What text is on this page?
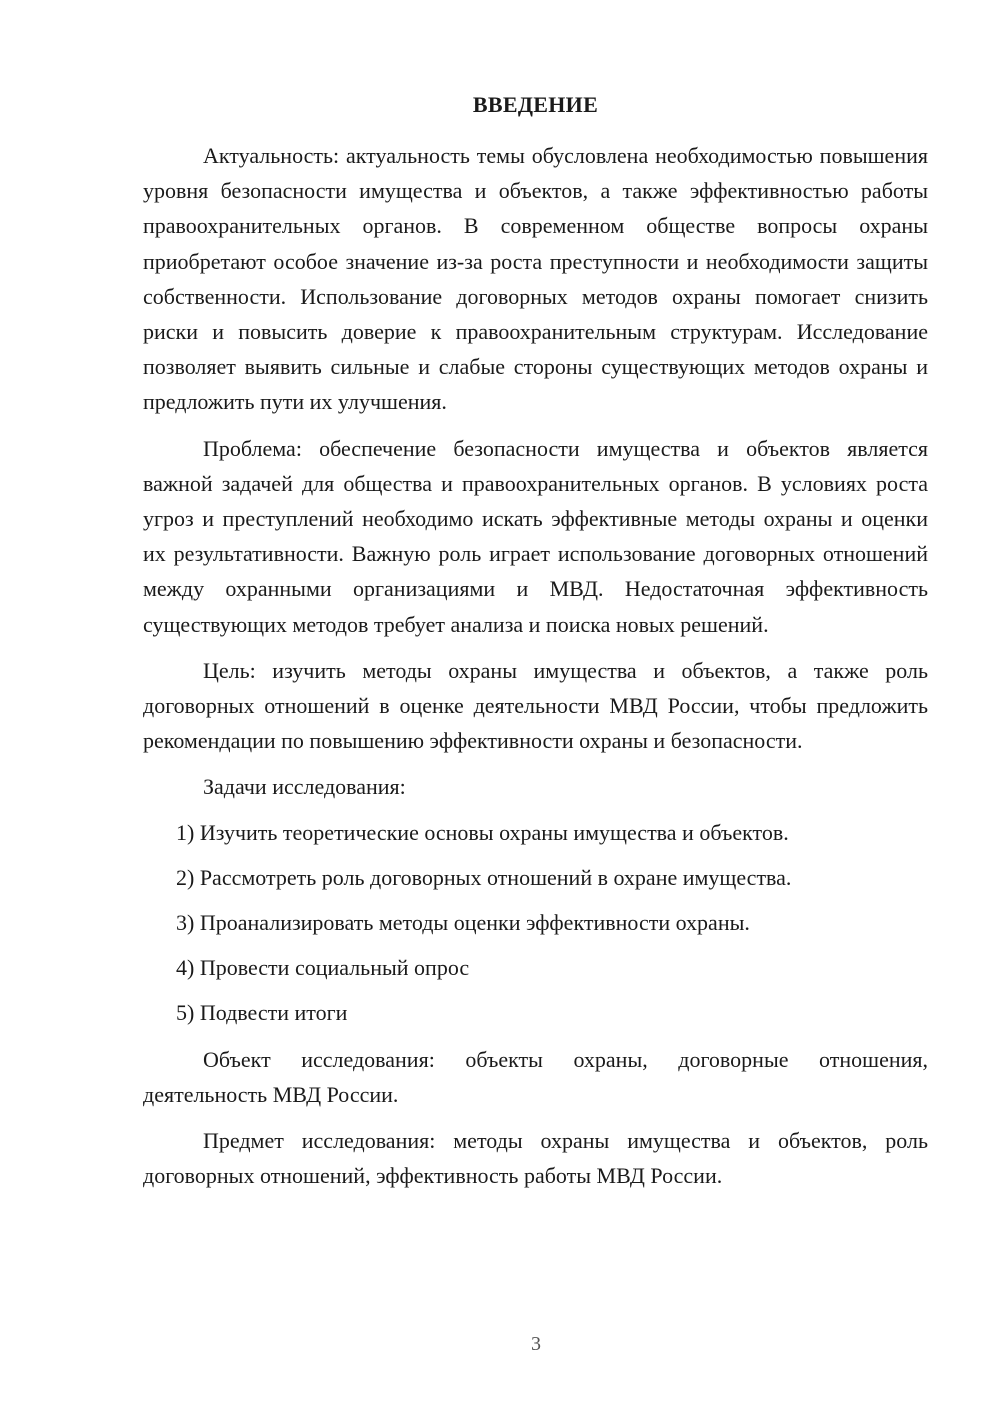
ВВЕДЕНИЕ

Актуальность: актуальность темы обусловлена необходимостью повышения уровня безопасности имущества и объектов, а также эффективностью работы правоохранительных органов. В современном обществе вопросы охраны приобретают особое значение из-за роста преступности и необходимости защиты собственности. Использование договорных методов охраны помогает снизить риски и повысить доверие к правоохранительным структурам. Исследование позволяет выявить сильные и слабые стороны существующих методов охраны и предложить пути их улучшения.

Проблема: обеспечение безопасности имущества и объектов является важной задачей для общества и правоохранительных органов. В условиях роста угроз и преступлений необходимо искать эффективные методы охраны и оценки их результативности. Важную роль играет использование договорных отношений между охранными организациями и МВД. Недостаточная эффективность существующих методов требует анализа и поиска новых решений.

Цель: изучить методы охраны имущества и объектов, а также роль договорных отношений в оценке деятельности МВД России, чтобы предложить рекомендации по повышению эффективности охраны и безопасности.

Задачи исследования:

1) Изучить теоретические основы охраны имущества и объектов.

2) Рассмотреть роль договорных отношений в охране имущества.

3) Проанализировать методы оценки эффективности охраны.

4) Провести социальный опрос

5) Подвести итоги

Объект исследования: объекты охраны, договорные отношения, деятельность МВД России.

Предмет исследования: методы охраны имущества и объектов, роль договорных отношений, эффективность работы МВД России.

3
